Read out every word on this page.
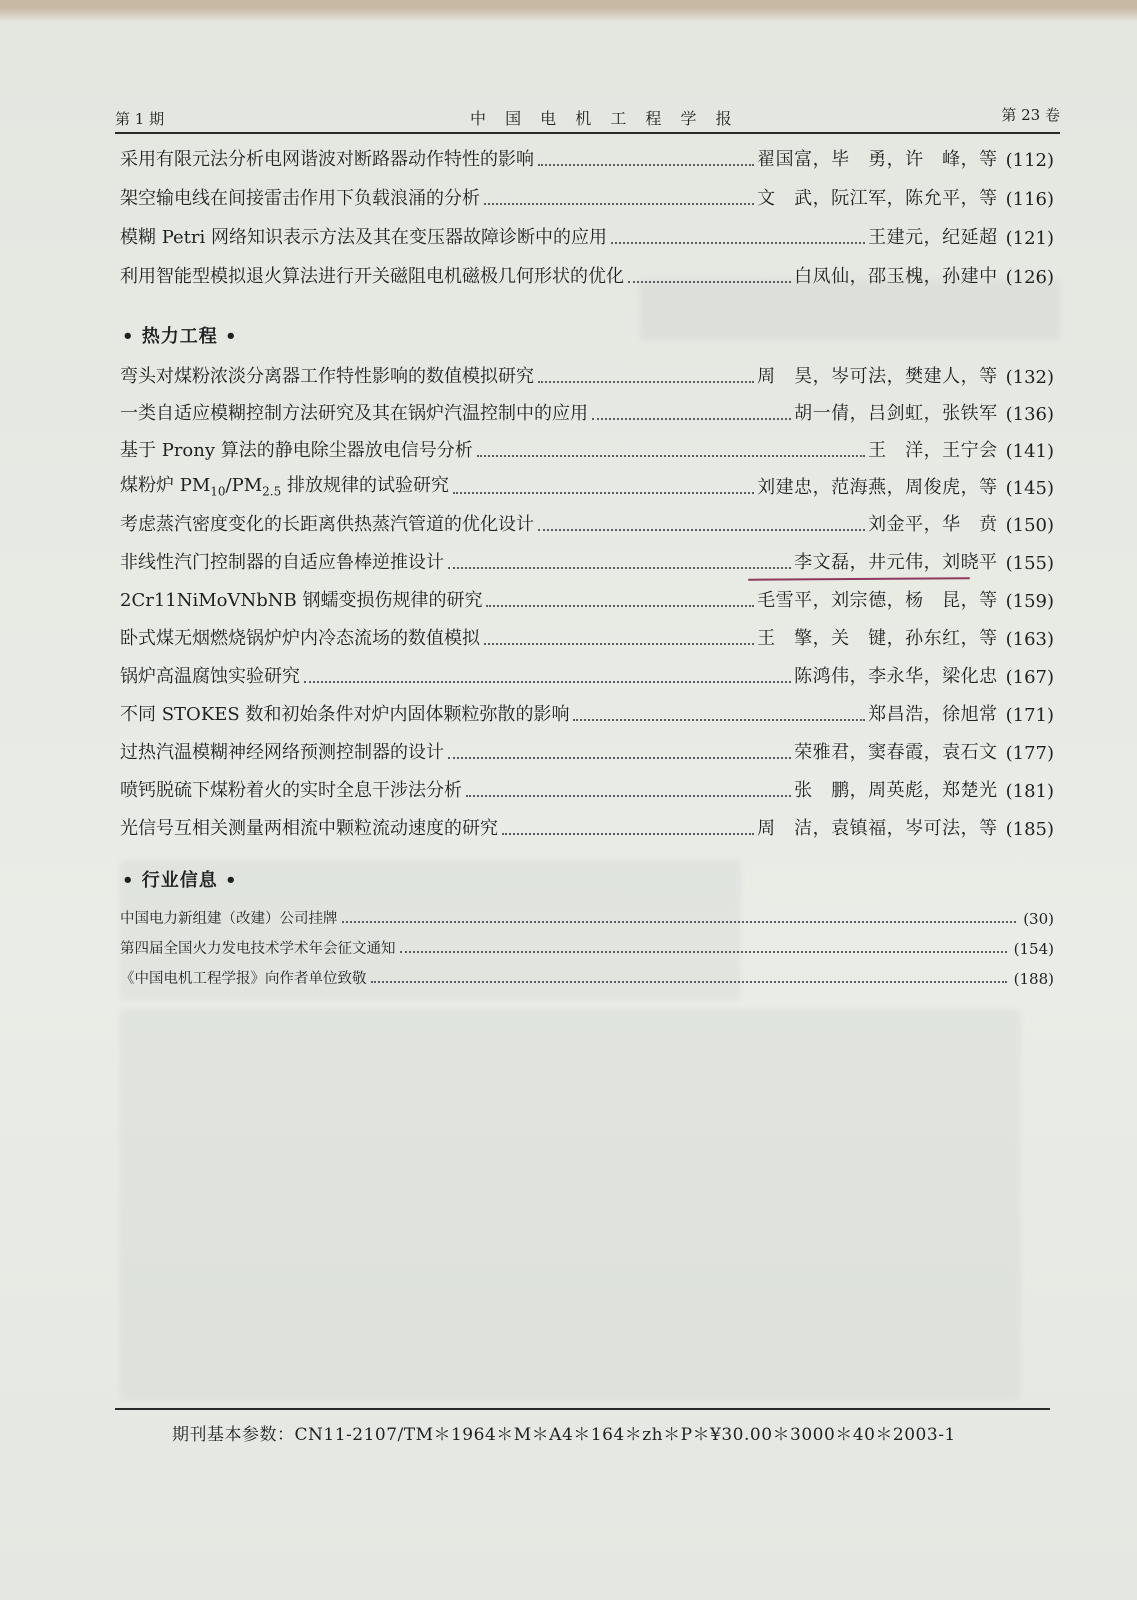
第 1 期	中 国 电 机 工 程 学 报	第 23 卷
采用有限元法分析电网谐波对断路器动作特性的影响	翟国富，毕　勇，许　峰，等 (112)
架空输电线在间接雷击作用下负载浪涌的分析	文　武，阮江军，陈允平，等 (116)
模糊 Petri 网络知识表示方法及其在变压器故障诊断中的应用	王建元，纪延超 (121)
利用智能型模拟退火算法进行开关磁阻电机磁极几何形状的优化	白凤仙，邵玉槐，孙建中 (126)
• 热力工程 •
弯头对煤粉浓淡分离器工作特性影响的数值模拟研究	周　昊，岑可法，樊建人，等 (132)
一类自适应模糊控制方法研究及其在锅炉汽温控制中的应用	胡一倩，吕剑虹，张铁军 (136)
基于 Prony 算法的静电除尘器放电信号分析	王　洋，王宁会 (141)
煤粉炉 $PM_{10}/PM_{2.5}$ 排放规律的试验研究	刘建忠，范海燕，周俊虎，等 (145)
考虑蒸汽密度变化的长距离供热蒸汽管道的优化设计	刘金平，华　贲 (150)
非线性汽门控制器的自适应鲁棒逆推设计	李文磊，井元伟，刘晓平 (155)
2Cr11NiMoVNbNB 钢蠕变损伤规律的研究	毛雪平，刘宗德，杨　昆，等 (159)
卧式煤无烟燃烧锅炉炉内冷态流场的数值模拟	王　擎，关　键，孙东红，等 (163)
锅炉高温腐蚀实验研究	陈鸿伟，李永华，梁化忠 (167)
不同 STOKES 数和初始条件对炉内固体颗粒弥散的影响	郑昌浩，徐旭常 (171)
过热汽温模糊神经网络预测控制器的设计	荣雅君，窦春霞，袁石文 (177)
喷钙脱硫下煤粉着火的实时全息干涉法分析	张　鹏，周英彪，郑楚光 (181)
光信号互相关测量两相流中颗粒流动速度的研究	周　洁，袁镇福，岑可法，等 (185)
• 行业信息 •
中国电力新组建（改建）公司挂牌	(30)
第四届全国火力发电技术学术年会征文通知	(154)
《中国电机工程学报》向作者单位致敬	(188)
期刊基本参数：CN11-2107/TM＊1964＊M＊A4＊164＊zh＊P＊¥30.00＊3000＊40＊2003-1
